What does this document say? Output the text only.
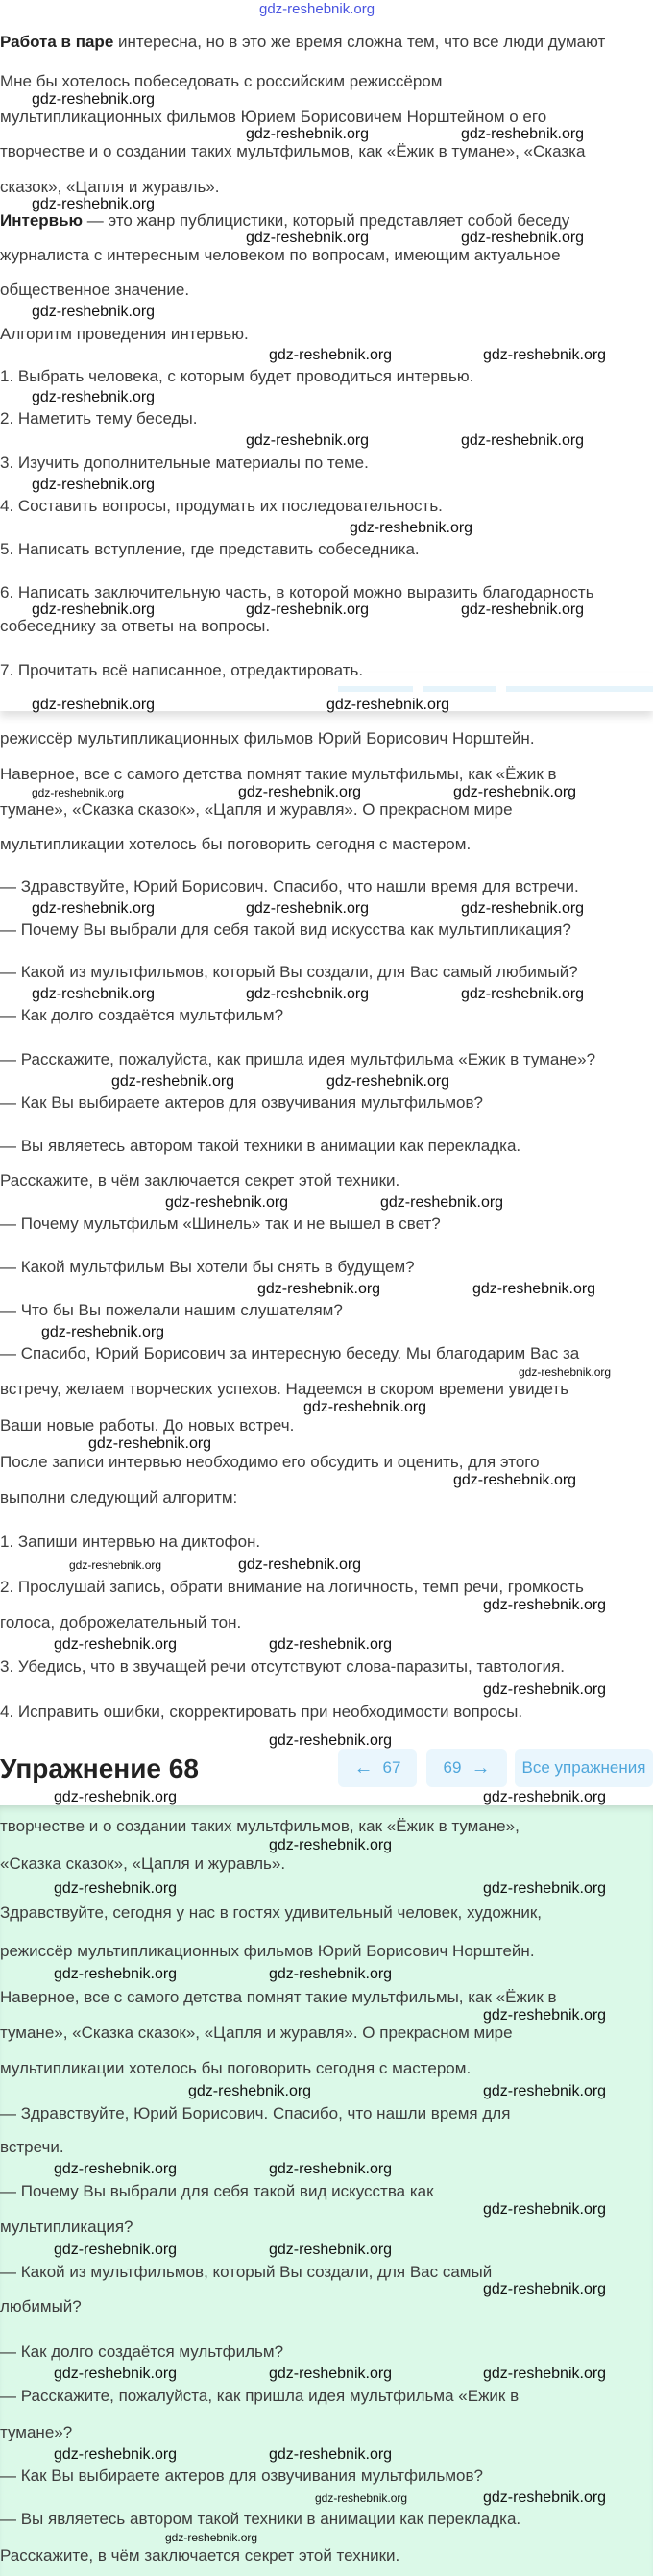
gdz-reshebnik.org
Упражнение 68	← 67	69 → Все упражнения
Работа в паре интересна, но в это же время сложна тем, что все люди думают
Мне бы хотелось побеседовать с российским режиссёром
мультипликационных фильмов Юрием Борисовичем Норштейном о его
творчестве и о создании таких мультфильмов, как «Ёжик в тумане», «Сказка
сказок», «Цапля и журавль».
Интервью — это жанр публицистики, который представляет собой беседу
журналиста с интересным человеком по вопросам, имеющим актуальное
общественное значение.
Алгоритм проведения интервью.
1. Выбрать человека, с которым будет проводиться интервью.
2. Наметить тему беседы.
3. Изучить дополнительные материалы по теме.
4. Составить вопросы, продумать их последовательность.
5. Написать вступление, где представить собеседника.
6. Написать заключительную часть, в которой можно выразить благодарность
собеседнику за ответы на вопросы.
7. Прочитать всё написанное, отредактировать.
режиссёр мультипликационных фильмов Юрий Борисович Норштейн.
Наверное, все с самого детства помнят такие мультфильмы, как «Ёжик в
тумане», «Сказка сказок», «Цапля и журавля». О прекрасном мире
мультипликации хотелось бы поговорить сегодня с мастером.
— Здравствуйте, Юрий Борисович. Спасибо, что нашли время для встречи.
— Почему Вы выбрали для себя такой вид искусства как мультипликация?
— Какой из мультфильмов, который Вы создали, для Вас самый любимый?
— Как долго создаётся мультфильм?
— Расскажите, пожалуйста, как пришла идея мультфильма «Ежик в тумане»?
— Как Вы выбираете актеров для озвучивания мультфильмов?
— Вы являетесь автором такой техники в анимации как перекладка.
Расскажите, в чём заключается секрет этой техники.
— Почему мультфильм «Шинель» так и не вышел в свет?
— Какой мультфильм Вы хотели бы снять в будущем?
— Что бы Вы пожелали нашим слушателям?
— Спасибо, Юрий Борисович за интересную беседу. Мы благодарим Вас за
встречу, желаем творческих успехов. Надеемся в скором времени увидеть
Ваши новые работы. До новых встреч.
После записи интервью необходимо его обсудить и оценить, для этого
выполни следующий алгоритм:
1. Запиши интервью на диктофон.
2. Прослушай запись, обрати внимание на логичность, темп речи, громкость
голоса, доброжелательный тон.
3. Убедись, что в звучащей речи отсутствуют слова-паразиты, тавтология.
4. Исправить ошибки, скорректировать при необходимости вопросы.
творчестве и о создании таких мультфильмов, как «Ёжик в тумане»,
«Сказка сказок», «Цапля и журавль».
Здравствуйте, сегодня у нас в гостях удивительный человек, художник,
режиссёр мультипликационных фильмов Юрий Борисович Норштейн.
Наверное, все с самого детства помнят такие мультфильмы, как «Ёжик в
тумане», «Сказка сказок», «Цапля и журавля». О прекрасном мире
мультипликации хотелось бы поговорить сегодня с мастером.
— Здравствуйте, Юрий Борисович. Спасибо, что нашли время для
встречи.
— Почему Вы выбрали для себя такой вид искусства как
мультипликация?
— Какой из мультфильмов, который Вы создали, для Вас самый
любимый?
— Как долго создаётся мультфильм?
— Расскажите, пожалуйста, как пришла идея мультфильма «Ежик в
тумане»?
— Как Вы выбираете актеров для озвучивания мультфильмов?
— Вы являетесь автором такой техники в анимации как перекладка.
Расскажите, в чём заключается секрет этой техники.
gdz-reshebnik.org
gdz-reshebnik.org	gdz-reshebnik.org
gdz-reshebnik.org
gdz-reshebnik.org	gdz-reshebnik.org
gdz-reshebnik.org
gdz-reshebnik.org	gdz-reshebnik.org
gdz-reshebnik.org
gdz-reshebnik.org	gdz-reshebnik.org
gdz-reshebnik.org
gdz-reshebnik.org
gdz-reshebnik.org	gdz-reshebnik.org	gdz-reshebnik.org
gdz-reshebnik.org	gdz-reshebnik.org
gdz-reshebnik.org	gdz-reshebnik.org	gdz-reshebnik.org
gdz-reshebnik.org	gdz-reshebnik.org	gdz-reshebnik.org
gdz-reshebnik.org	gdz-reshebnik.org	gdz-reshebnik.org
gdz-reshebnik.org	gdz-reshebnik.org
gdz-reshebnik.org	gdz-reshebnik.org
gdz-reshebnik.org	gdz-reshebnik.org
gdz-reshebnik.org
gdz-reshebnik.org
gdz-reshebnik.org
gdz-reshebnik.org
gdz-reshebnik.org
gdz-reshebnik.org	gdz-reshebnik.org
gdz-reshebnik.org
gdz-reshebnik.org	gdz-reshebnik.org
gdz-reshebnik.org
gdz-reshebnik.org
gdz-reshebnik.org	gdz-reshebnik.org
gdz-reshebnik.org
gdz-reshebnik.org	gdz-reshebnik.org
gdz-reshebnik.org	gdz-reshebnik.org
gdz-reshebnik.org
gdz-reshebnik.org	gdz-reshebnik.org
gdz-reshebnik.org	gdz-reshebnik.org
gdz-reshebnik.org
gdz-reshebnik.org	gdz-reshebnik.org
gdz-reshebnik.org
gdz-reshebnik.org	gdz-reshebnik.org	gdz-reshebnik.org
gdz-reshebnik.org	gdz-reshebnik.org
gdz-reshebnik.org
gdz-reshebnik.org
gdz-reshebnik.org
